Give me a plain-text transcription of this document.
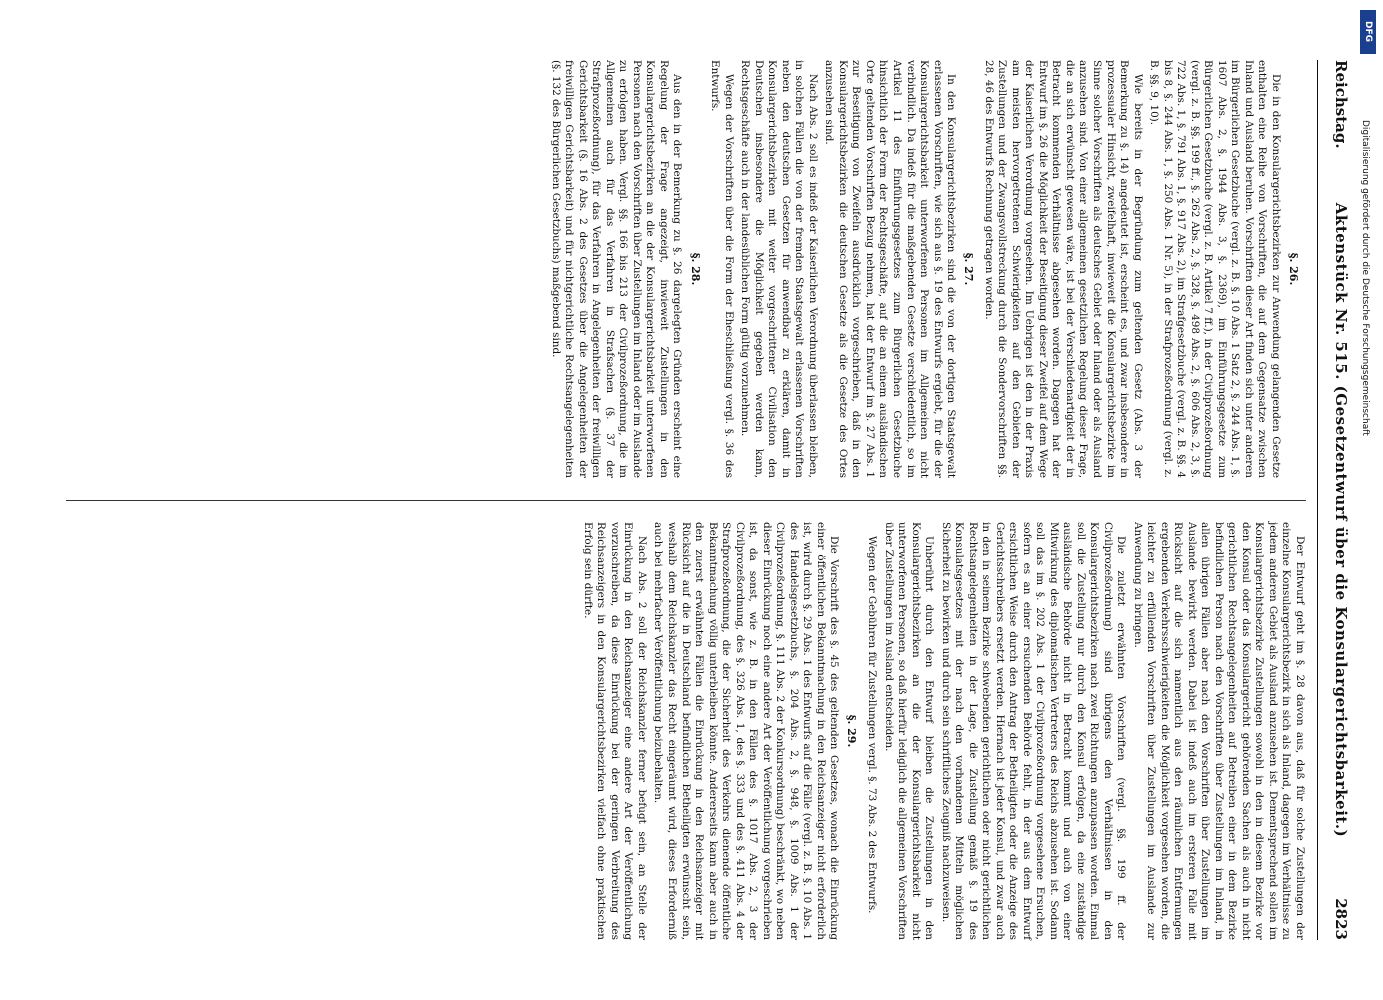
Reichstag.
Aktenstück Nr. 515. (Gesetzentwurf über die Konsulargerichtsbarkeit.)
2823
§. 26.

Die in den Konsulargerichtsbezirken zur Anwendung gelangenden Gesetze enthalten eine Reihe von Vorschriften, die auf dem Gegensatze zwischen Inland und Ausland beruhen. Vorschriften dieser Art finden sich unter anderen im Bürgerlichen Gesetzbuche (vergl. z. B. §. 10 Abs. 1 Satz 2, §. 244 Abs. 1, §. 1607 Abs. 2, §. 1944 Abs. 3, §. 2369), im Einführungsgesetze zum Bürgerlichen Gesetzbuche (vergl. z. B. Artikel 7 ff.), in der Civilprozeßordnung (vergl. z. B. §§. 199 ff., §. 262 Abs. 2, §. 328, §. 498 Abs. 2, §. 606 Abs. 2, 3, §. 722 Abs. 1, §. 791 Abs. 1, §. 917 Abs. 2), im Strafgesetzbuche (vergl. z. B. §§. 4 bis 8, §. 244 Abs. 1, §. 250 Abs. 1 Nr. 5), in der Strafprozeßordnung (vergl. z. B. §§. 9, 10).

Wie bereits in der Begründung zum geltenden Gesetz (Abs. 3 der Bemerkung zu §. 14) angedeutet ist, erscheint es, und zwar insbesondere in prozessualer Hinsicht, zweifelhaft, inwieweit die Konsulargerichtsbezirke im Sinne solcher Vorschriften als deutsches Gebiet oder Inland oder als Ausland anzusehen sind. Von einer allgemeinen gesetzlichen Regelung dieser Frage, die an sich erwünscht gewesen wäre, ist bei der Verschiedenartigkeit der in Betracht kommenden Verhältnisse abgesehen worden. Dagegen hat der Entwurf im §. 26 die Möglichkeit der Beseitigung dieser Zweifel auf dem Wege der Kaiserlichen Verordnung vorgesehen. Im Uebrigen ist den in der Praxis am meisten hervorgetretenen Schwierigkeiten auf den Gebieten der Zustellungen und der Zwangsvollstreckung durch die Sondervorschriften §§. 28, 46 des Entwurfs Rechnung getragen worden.

§. 27.

In den Konsulargerichtsbezirken sind die von der dortigen Staatsgewalt erlassenen Vorschriften, wie sich aus §. 19 des Entwurfs ergiebt, für die der Konsulargerichtsbarkeit unterworfenen Personen im Allgemeinen nicht verbindlich. Da indeß für die maßgebenden Gesetze verschiedentlich, so im Artikel 11 des Einführungsgesetzes zum Bürgerlichen Gesetzbuche hinsichtlich der Form der Rechtsgeschäfte, auf die an einem ausländischen Orte geltenden Vorschriften Bezug nehmen, hat der Entwurf im §. 27 Abs. 1 zur Beseitigung von Zweifeln ausdrücklich vorgeschrieben, daß in den Konsulargerichtsbezirken die deutschen Gesetze als die Gesetze des Ortes anzusehen sind.

Nach Abs. 2 soll es indeß der Kaiserlichen Verordnung überlassen bleiben, in solchen Fällen die von der fremden Staatsgewalt erlassenen Vorschriften neben den deutschen Gesetzen für anwendbar zu erklären, damit in Konsulargerichtsbezirken mit weiter vorgeschrittener Civilisation den Deutschen insbesondere die Möglichkeit gegeben werden kann, Rechtsgeschäfte auch in der landesüblichen Form gültig vorzunehmen.

Wegen der Vorschriften über die Form der Eheschließung vergl. §. 36 des Entwurfs.

§. 28.

Aus den in der Bemerkung zu §. 26 dargelegten Gründen erscheint eine Regelung der Frage angezeigt, inwieweit Zustellungen in den Konsulargerichtsbezirken an die der Konsulargerichtsbarkeit unterworfenen Personen nach den Vorschriften über Zustellungen im Inland oder im Auslande zu erfolgen haben. Vergl. §§. 166 bis 213 der Civilprozeßordnung, die im Allgemeinen auch für das Verfahren in Strafsachen (§. 37 der Strafprozeßordnung), für das Verfahren in Angelegenheiten der freiwilligen Gerichtsbarkeit (§. 16 Abs. 2 des Gesetzes über die Angelegenheiten der freiwilligen Gerichtsbarkeit) und für nichtgerichtliche Rechtsangelegenheiten (§. 132 des Bürgerlichen Gesetzbuchs) maßgebend sind.

Der Entwurf geht im §. 28 davon aus, daß für solche Zustellungen der einzelne Konsulargerichtsbezirk in sich als Inland, dagegen im Verhältnisse zu jedem anderen Gebiet als Ausland anzusehen ist. Dementsprechend sollen im Konsulargerichtsbezirke Zustellungen sowohl in den in diesem Bezirke vor den Konsul oder das Konsulargericht gehörenden Sachen als auch in nicht gerichtlichen Rechtsangelegenheiten auf Betreiben einer in dem Bezirke befindlichen Person nach den Vorschriften über Zustellungen im Inland, in allen übrigen Fällen aber nach den Vorschriften über Zustellungen im Auslande bewirkt werden. Dabei ist indeß auch im ersteren Falle mit Rücksicht auf die sich namentlich aus den räumlichen Entfernungen ergebenden Verkehrsschwierigkeiten die Möglichkeit vorgesehen worden, die leichter zu erfüllenden Vorschriften über Zustellungen im Auslande zur Anwendung zu bringen.

Die zuletzt erwähnten Vorschriften (vergl. §§. 199 ff. der Civilprozeßordnung) sind übrigens den Verhältnissen in den Konsulargerichtsbezirken nach zwei Richtungen anzupassen worden. Einmal soll die Zustellung nur durch den Konsul erfolgen, da eine zuständige ausländische Behörde nicht in Betracht kommt und auch von einer Mitwirkung des diplomatischen Vertreters des Reichs abzusehen ist. Sodann soll das im §. 202 Abs. 1 der Civilprozeßordnung vorgesehene Ersuchen, sofern es an einer ersuchenden Behörde fehlt, in der aus dem Entwurf ersichtlichen Weise durch den Antrag der Betheiligten oder die Anzeige des Gerichtsschreibers ersetzt werden. Hiernach ist jeder Konsul, und zwar auch in den in seinem Bezirke schwebenden gerichtlichen oder nicht gerichtlichen Rechtsangelegenheiten in der Lage, die Zustellung gemäß §. 19 des Konsulatsgesetzes mit der nach den vorhandenen Mitteln möglichen Sicherheit zu bewirken und durch sein schriftliches Zeugniß nachzuweisen.

Unberührt durch den Entwurf bleiben die Zustellungen in den Konsulargerichtsbezirken an die der Konsulargerichtsbarkeit nicht unterworfenen Personen, so daß hierfür lediglich die allgemeinen Vorschriften über Zustellungen im Ausland entscheiden.

Wegen der Gebühren für Zustellungen vergl. §. 73 Abs. 2 des Entwurfs.

§. 29.

Die Vorschrift des §. 45 des geltenden Gesetzes, wonach die Einrückung einer öffentlichen Bekanntmachung in den Reichsanzeiger nicht erforderlich ist, wird durch §. 29 Abs. 1 des Entwurfs auf die Fälle (vergl. z. B. §. 10 Abs. 1 des Handelsgesetzbuchs, §. 204 Abs. 2, §. 948, §. 1009 Abs. 1 der Civilprozeßordnung, §. 111 Abs. 2 der Konkursordnung) beschränkt, wo neben dieser Einrückung noch eine andere Art der Veröffentlichung vorgeschrieben ist, da sonst, wie z. B. in den Fällen des §. 1017 Abs. 2, 3 der Civilprozeßordnung, des §. 326 Abs. 1, des §. 333 und des §. 411 Abs. 4 der Strafprozeßordnung, die der Sicherheit des Verkehrs dienende öffentliche Bekanntmachung völlig unterbleiben könnte. Andererseits kann aber auch in den zuerst erwähnten Fällen die Einrückung in den Reichsanzeiger mit Rücksicht auf die in Deutschland befindlichen Betheiligten erwünscht sein, weshalb dem Reichskanzler das Recht eingeräumt wird, dieses Erforderniß auch bei mehrfacher Veröffentlichung beizubehalten.

Nach Abs. 2 soll der Reichskanzler ferner befugt sein, an Stelle der Einrückung in den Reichsanzeiger eine andere Art der Veröffentlichung vorzuschreiben, da diese Einrückung bei der geringen Verbreitung des Reichsanzeigers in den Konsulargerichtsbezirken vielfach ohne praktischen Erfolg sein dürfte.

DFG
Digitalisierung gefördert durch die Deutsche Forschungsgemeinschaft
